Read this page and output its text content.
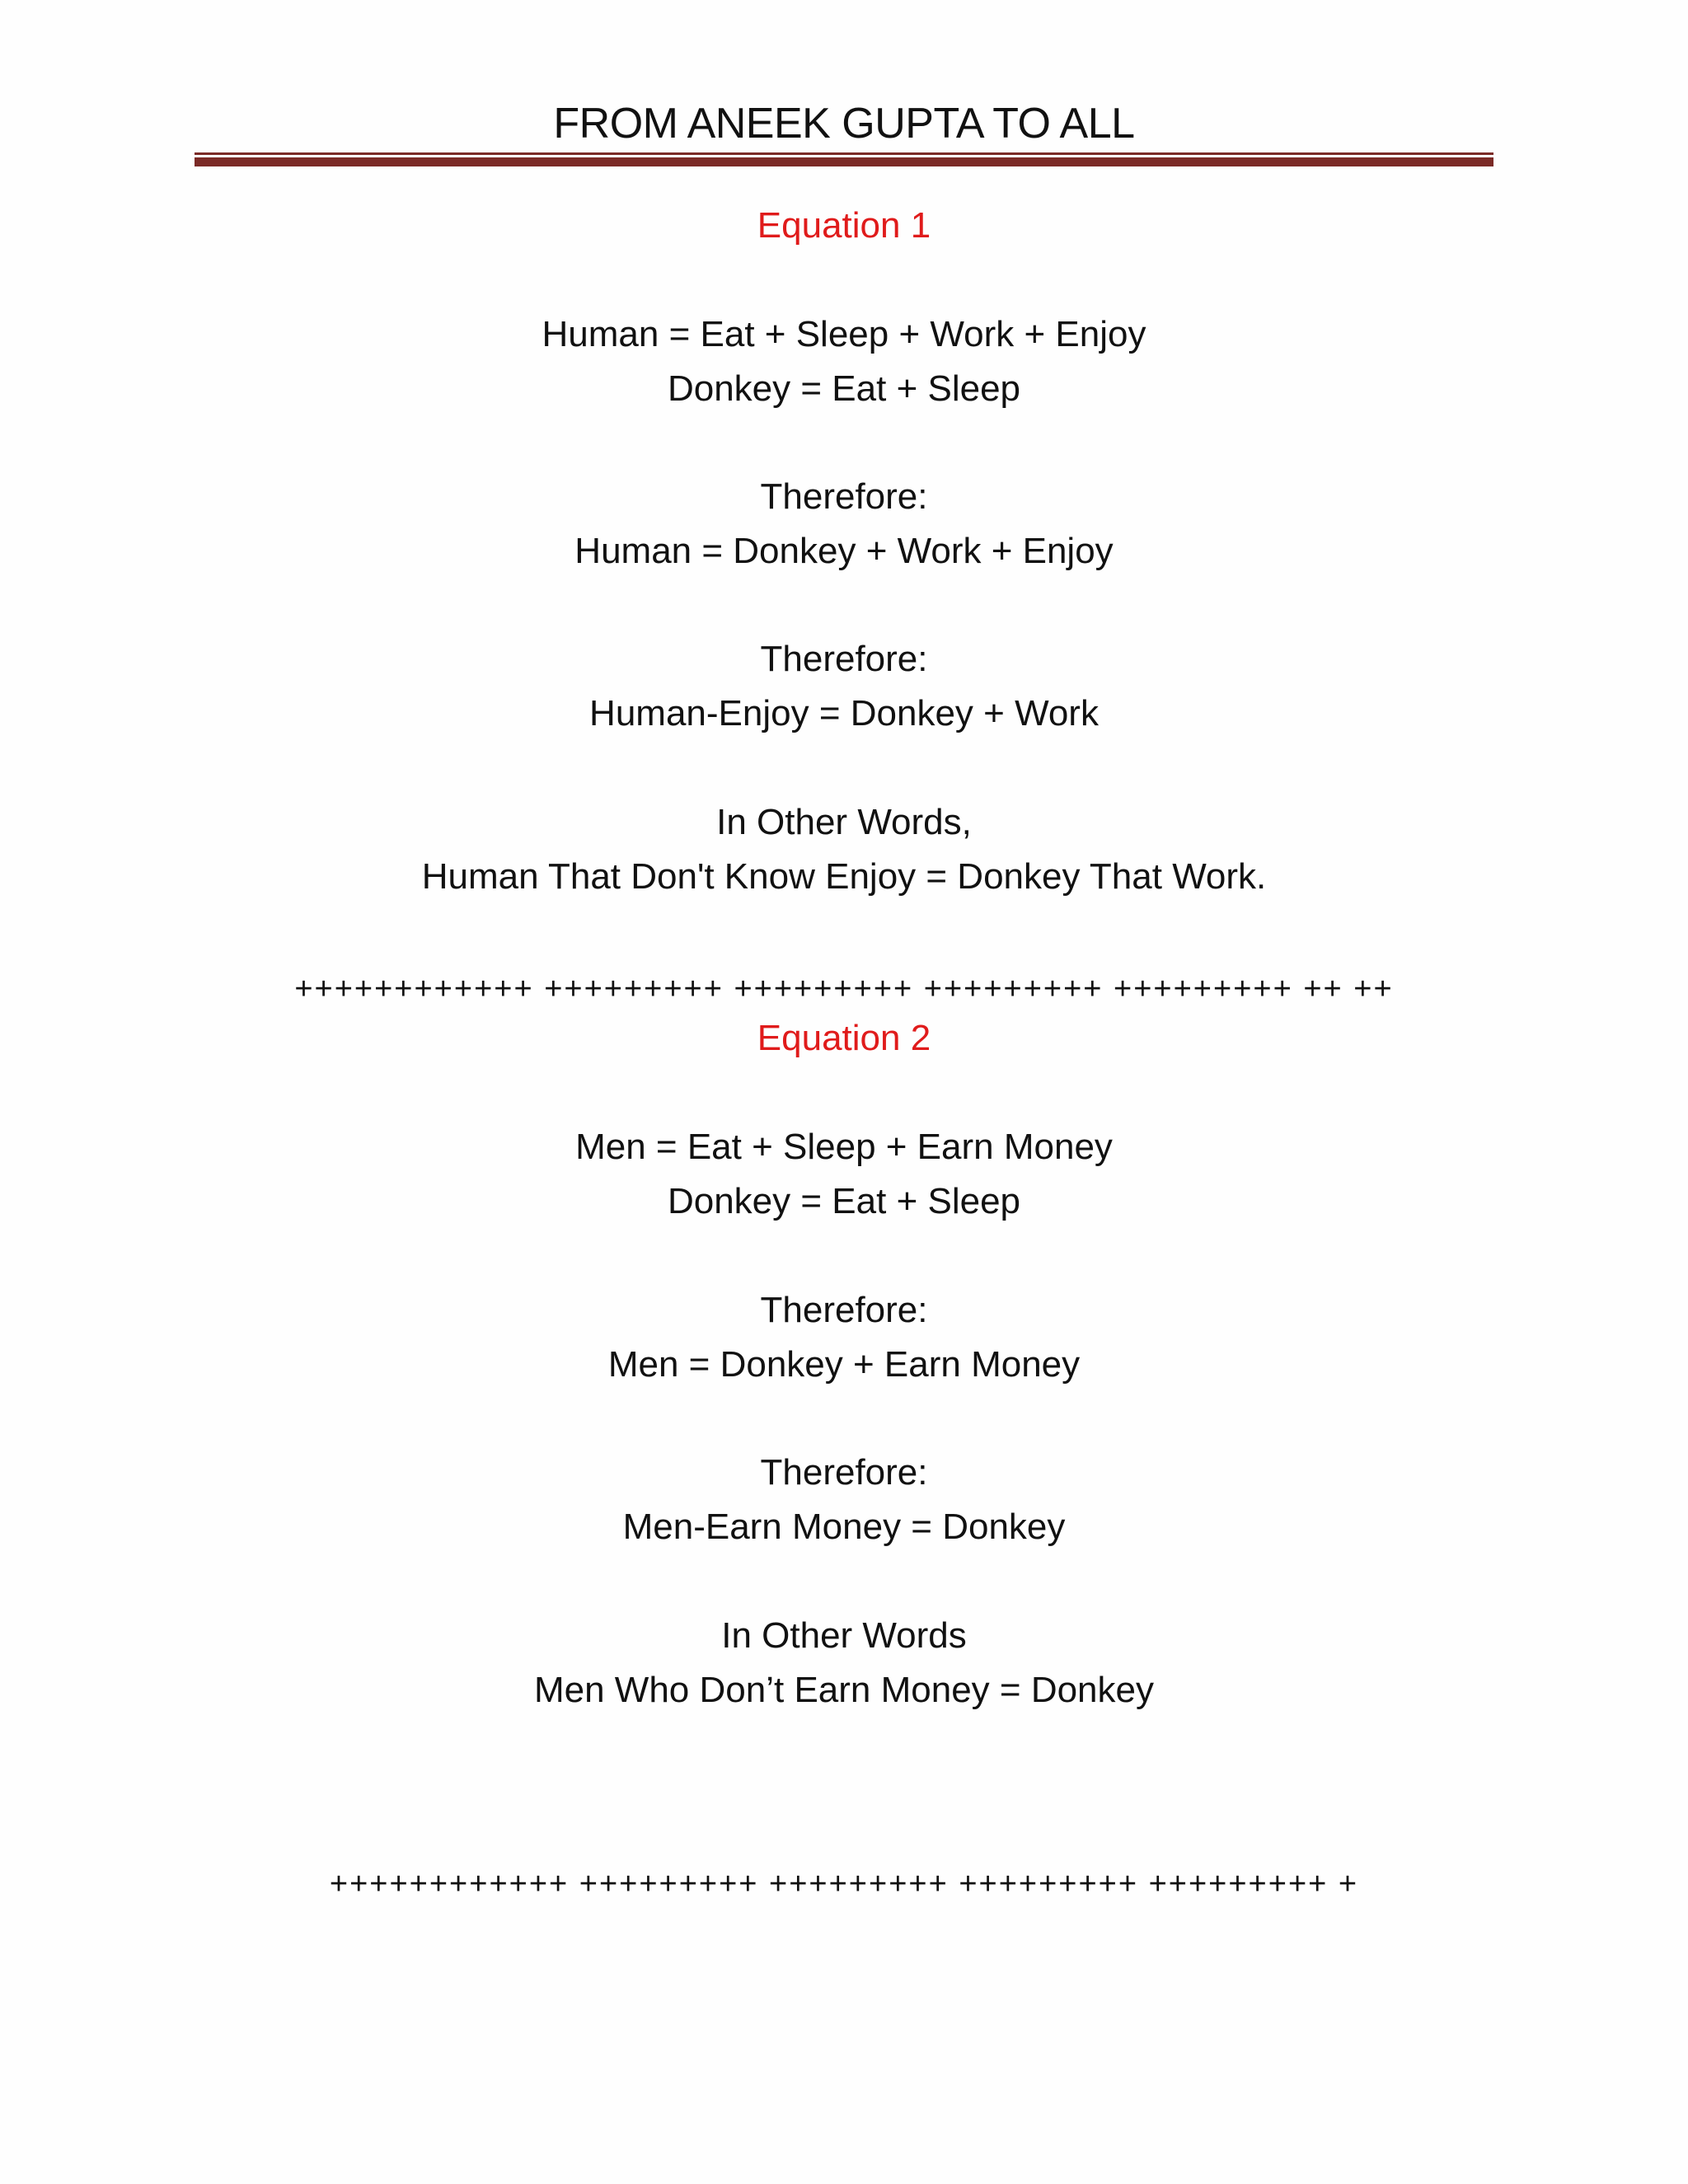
FROM ANEEK GUPTA TO ALL
Equation 1
Human = Eat + Sleep + Work + Enjoy
Donkey = Eat + Sleep
Therefore:
Human = Donkey + Work + Enjoy
Therefore:
Human-Enjoy = Donkey + Work
In Other Words,
Human That Don't Know Enjoy = Donkey That Work.
++++++++++++ +++++++++ +++++++++ +++++++++ +++++++++ ++ ++
Equation 2
Men = Eat + Sleep + Earn Money
Donkey = Eat + Sleep
Therefore:
Men = Donkey + Earn Money
Therefore:
Men-Earn Money = Donkey
In Other Words
Men Who Don’t Earn Money = Donkey
++++++++++++ +++++++++ +++++++++ +++++++++ +++++++++ +
